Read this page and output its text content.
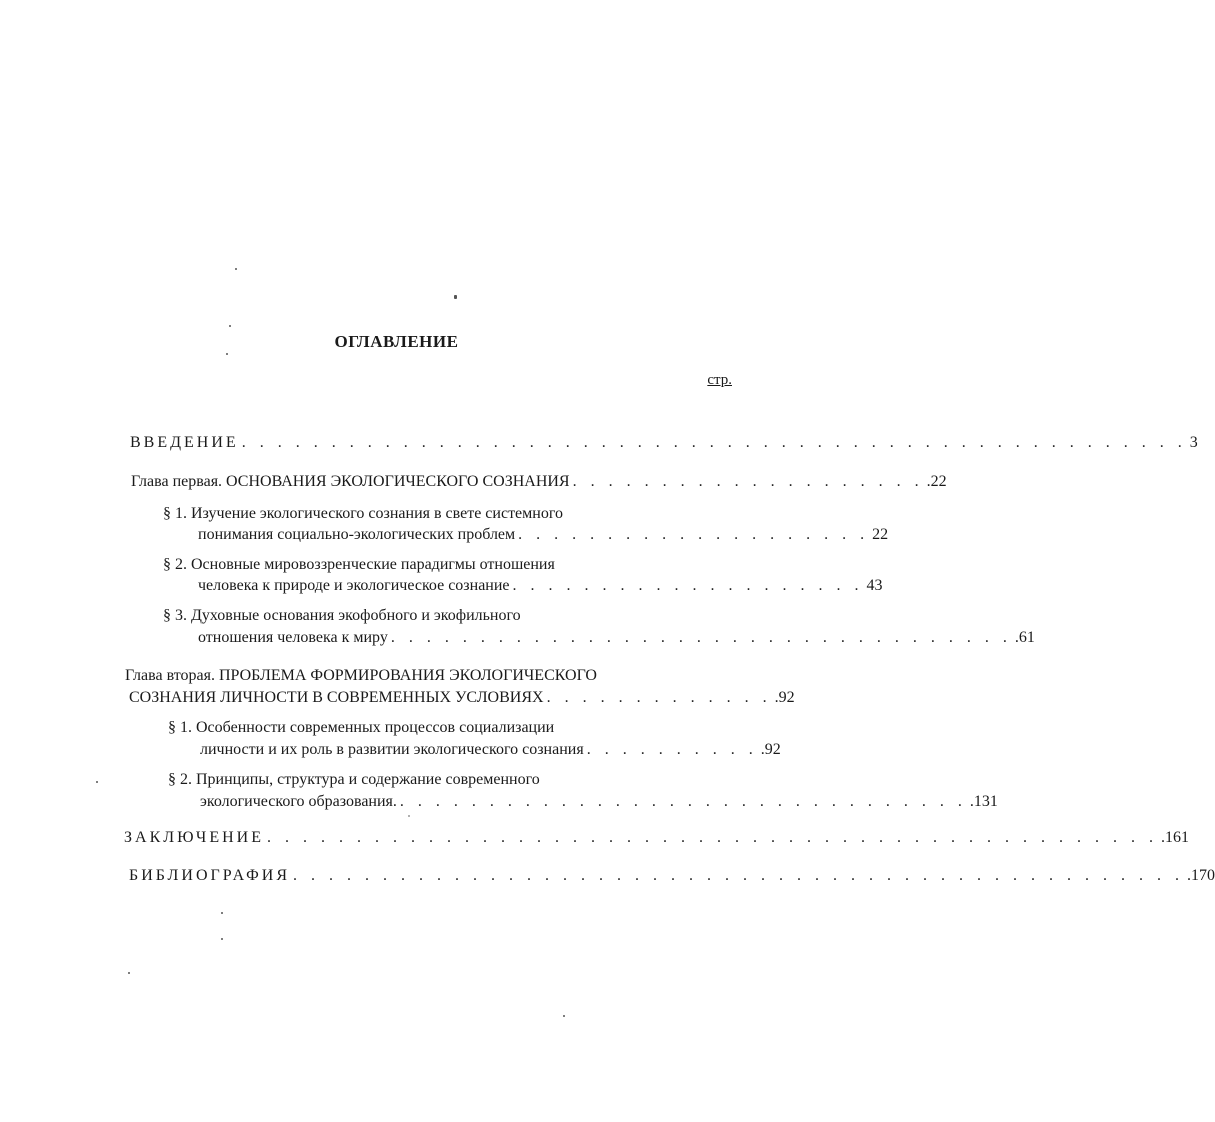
ОГЛАВЛЕНИЕ
стр.
ВВЕДЕНИЕ . . . . . . . . . . . . . . . . . . . . . . . . . . . . . . . . . . . . . . . . . . . . . . . . . . . . . 3
Глава первая. ОСНОВАНИЯ ЭКОЛОГИЧЕСКОГО СОЗНАНИЯ . . . . . . . . . . . . . . . . . . . . .22
§ 1. Изучение экологического сознания в свете системного
понимания социально-экологических проблем . . . . . . . . . . . . . . . . . . . . 22
§ 2. Основные мировоззренческие парадигмы отношения
человека к природе и экологическое сознание . . . . . . . . . . . . . . . . . . . . 43
§ 3. Духовные основания экофобного и экофильного
отношения человека к миру . . . . . . . . . . . . . . . . . . . . . . . . . . . . . . . . . . . .61
Глава вторая. ПРОБЛЕМА ФОРМИРОВАНИЯ ЭКОЛОГИЧЕСКОГО
СОЗНАНИЯ ЛИЧНОСТИ В СОВРЕМЕННЫХ УСЛОВИЯХ . . . . . . . . . . . . . .92
§ 1. Особенности современных процессов социализации
личности и их роль в развитии экологического сознания . . . . . . . . . . .92
§ 2. Принципы, структура и содержание современного
экологического образования. . . . . . . . . . . . . . . . . . . . . . . . . . . . . . . . . .131
ЗАКЛЮЧЕНИЕ . . . . . . . . . . . . . . . . . . . . . . . . . . . . . . . . . . . . . . . . . . . . . . . . . . .161
БИБЛИОГРАФИЯ . . . . . . . . . . . . . . . . . . . . . . . . . . . . . . . . . . . . . . . . . . . . . . . . . . .170
